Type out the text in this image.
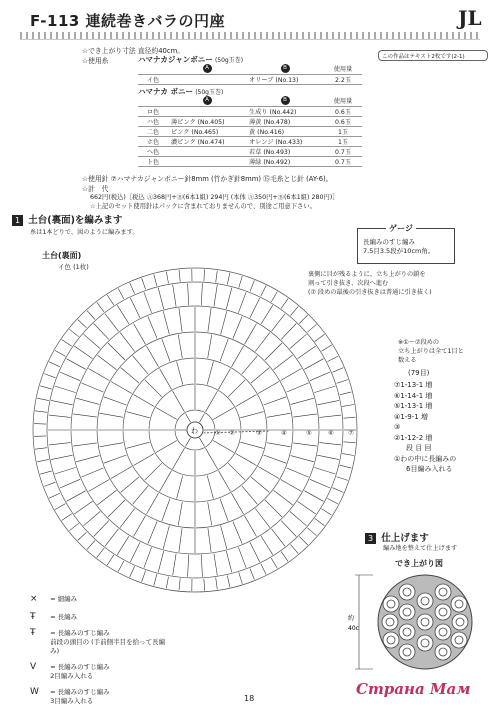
F-113 連続巻きバラの円座	JL
この作品はテキスト2枚です(2-1)
☆でき上がり寸法 直径約40cm。
☆使用糸	ハマナカジャンボニー (50g玉巻)
	A	B	使用量
イ色		オリーブ (No.13)	2.2玉
ハマナカ ボニー (50g玉巻)
	A	B	使用量
ロ色		生成り (No.442)	0.6玉
ハ色	薄ピンク (No.405)	薄黄 (No.478)	0.6玉
二色	ピンク (No.465)	黄 (No.416)	1玉
ホ色	濃ピンク (No.474)	オレンジ (No.433)	1玉
へ色		若草 (No.493)	0.7玉
ト色		薄緑 (No.492)	0.7玉
☆使用針 ⑦ハマナカジャンボニー針8mm (竹かぎ針8mm) ⑮毛糸とじ針 (AY-6)。
☆計　代
662円(税込)［税込 Ⓐ368円+Ⓑ(6本1組) 294円 (本体 Ⓐ350円+Ⓑ(6本1組) 280円)］
☆上記のセット使用針はパックに含まれておりませんので、別途ご用意下さい。
1 土台(裏面)を編みます
糸は1本どりで、図のように編みます。	ゲージ
長編みのすじ編み
7.5目3.5段が10cm角。
土台(裏面)
イ色 (1枚)
裏側に目が残るように、立ち上がりの鎖を
割って引き抜き、次段へ進む
(⑦ 段めの最後の引き抜きは普通に引き抜く)
わ	① ②	③	④	⑤ ⑥ ⑦
※①～⑦段めの
立ち上がりは全て1目と
数える
(79目)
⑦1-13-1 増
⑥1-14-1 増
⑤1-13-1 増
④1-9-1 増
③
②1-12-2 増
段 目 回
①わの中に長編みの
6目編み入れる
3 仕上げます
編み地を整えて仕上げます
でき上がり図
約
40c
× = 細編み
Ŧ = 長編み
Ŧ = 長編みのすじ編み
前段の頭目の (手前側半目を拾って長編み)
V = 長編みのすじ編み
2目編み入れる
W = 長編みのすじ編み
3目編み入れる	18
Страна Мам
